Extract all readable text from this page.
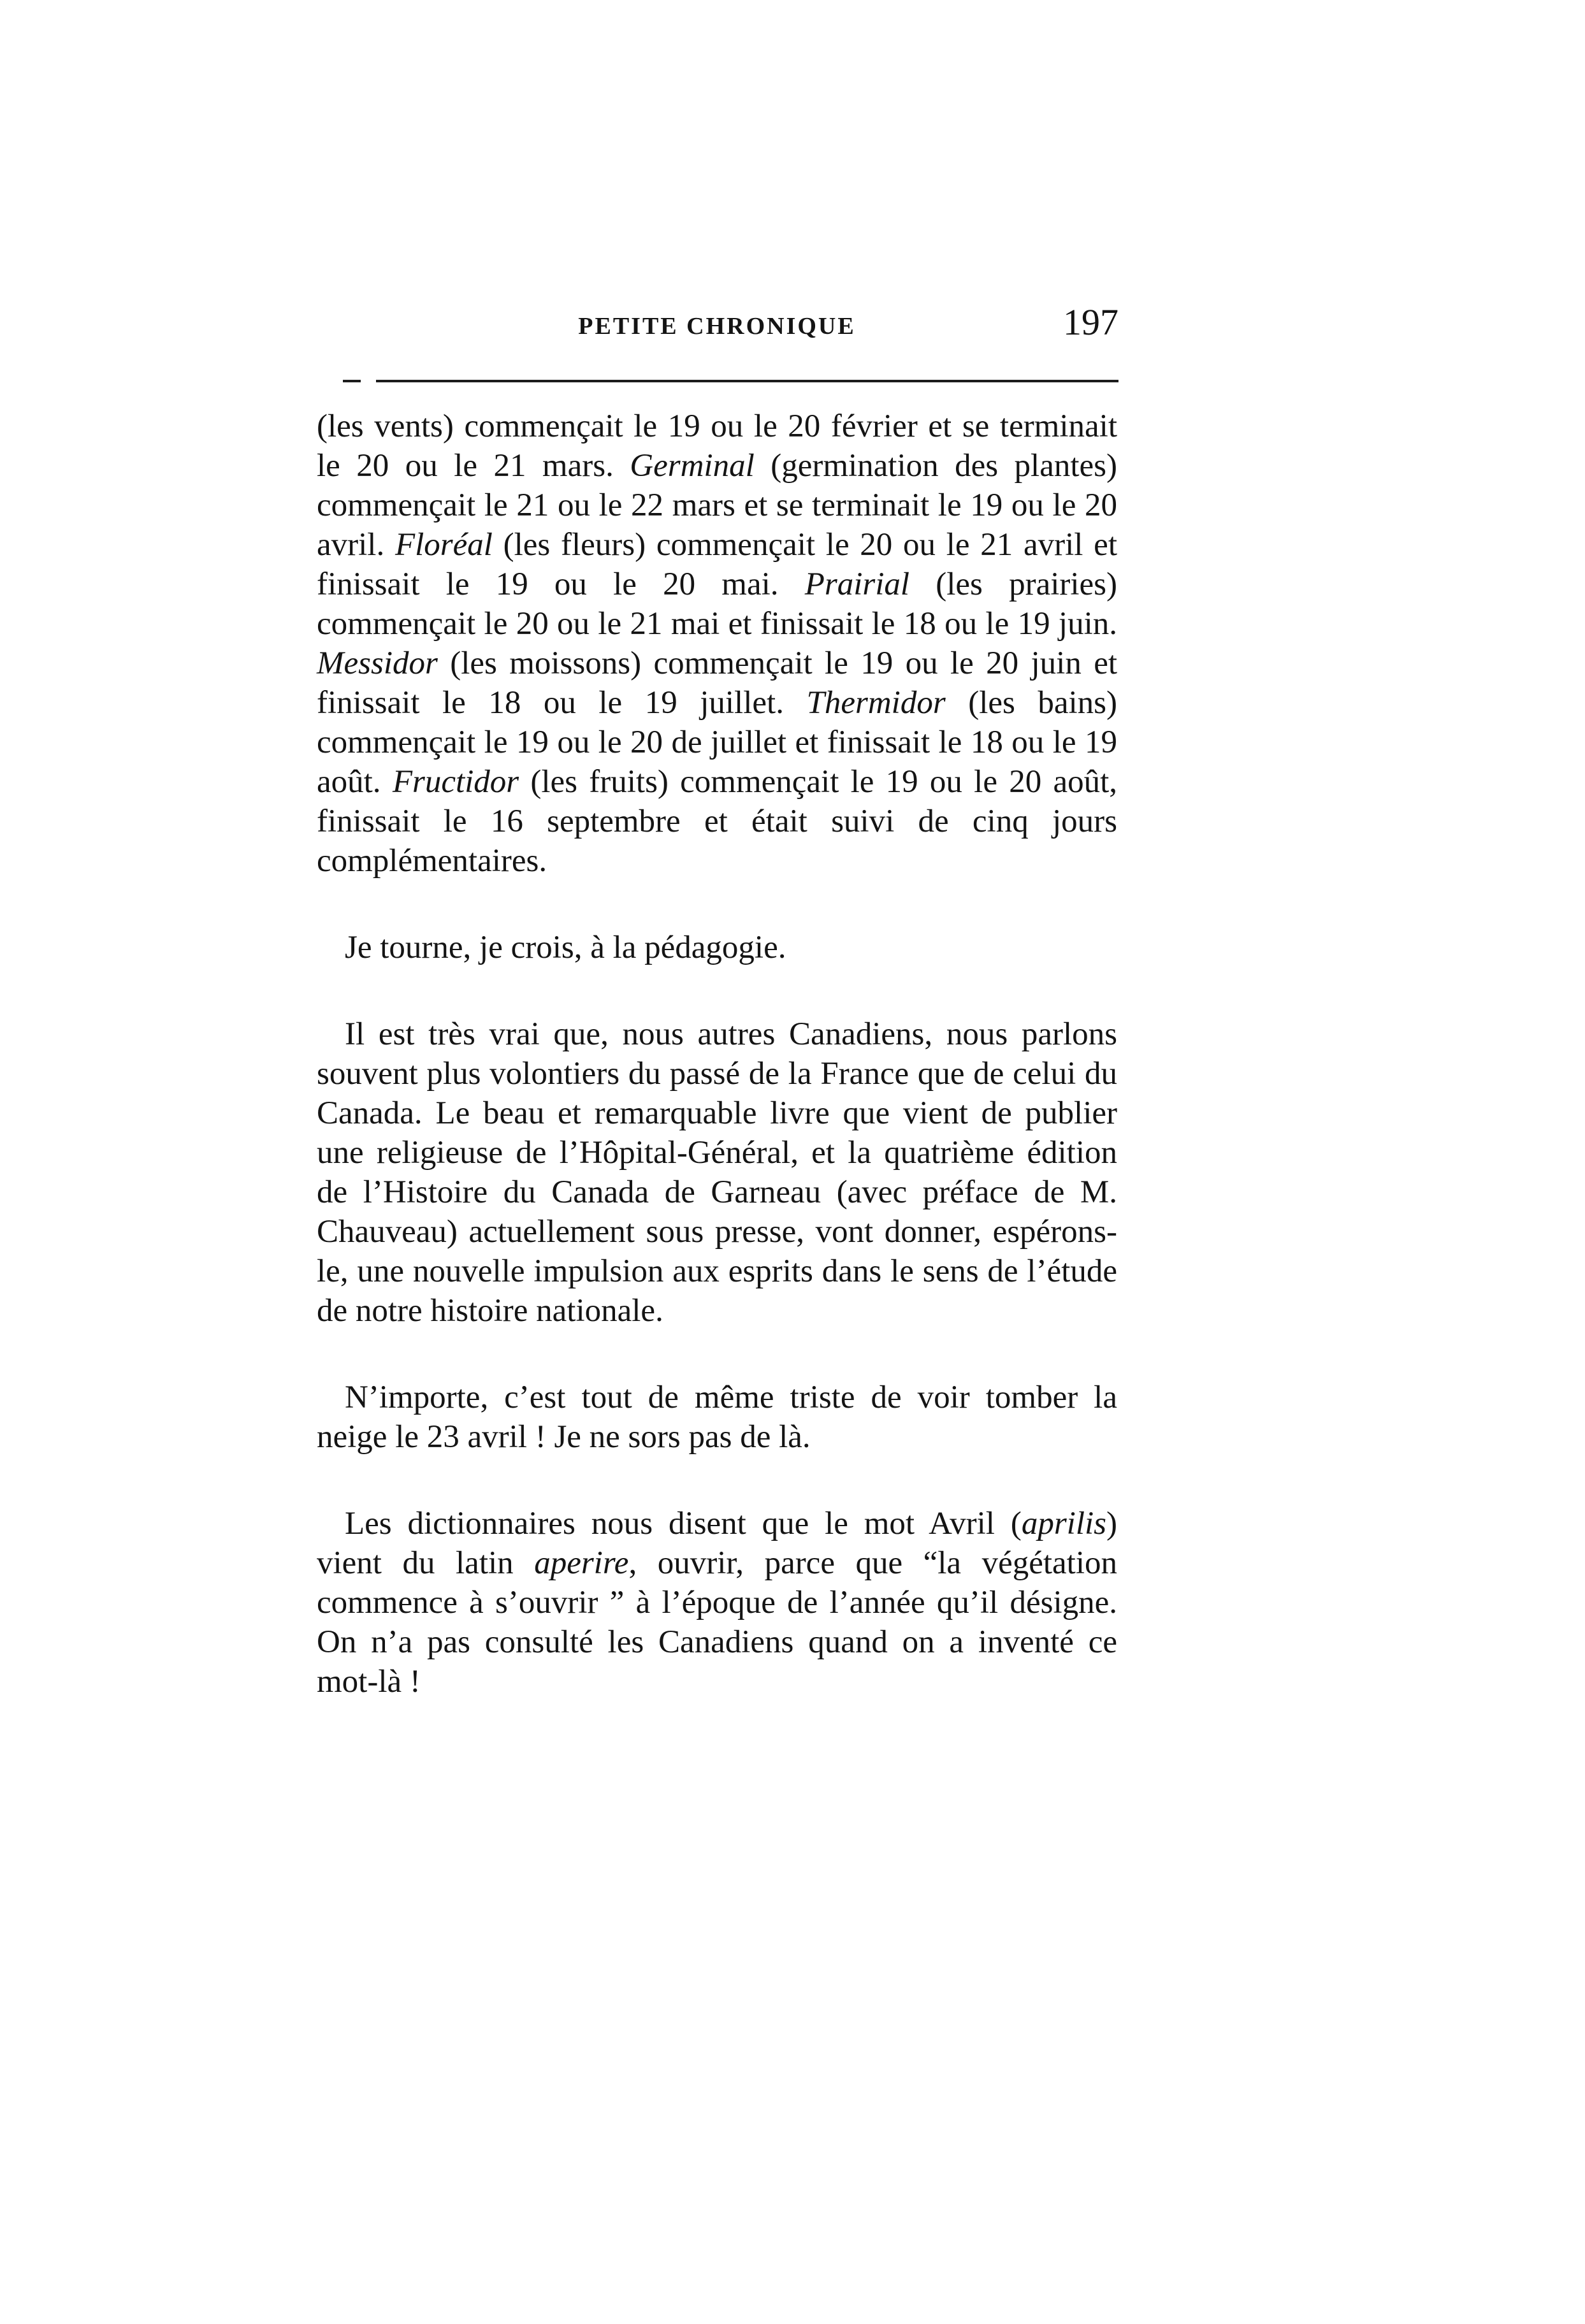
PETITE CHRONIQUE	197

(les vents) commençait le 19 ou le 20 février et se terminait le 20 ou le 21 mars. Germinal (germination des plantes) commençait le 21 ou le 22 mars et se terminait le 19 ou le 20 avril. Floréal (les fleurs) commençait le 20 ou le 21 avril et finissait le 19 ou le 20 mai. Prairial (les prairies) commençait le 20 ou le 21 mai et finissait le 18 ou le 19 juin. Messidor (les moissons) commençait le 19 ou le 20 juin et finissait le 18 ou le 19 juillet. Thermidor (les bains) commençait le 19 ou le 20 de juillet et finissait le 18 ou le 19 août. Fructidor (les fruits) commençait le 19 ou le 20 août, finissait le 16 septembre et était suivi de cinq jours complémentaires.

Je tourne, je crois, à la pédagogie.

Il est très vrai que, nous autres Canadiens, nous parlons souvent plus volontiers du passé de la France que de celui du Canada. Le beau et remarquable livre que vient de publier une religieuse de l’Hôpital-Général, et la quatrième édition de l’Histoire du Canada de Garneau (avec préface de M. Chauveau) actuellement sous presse, vont donner, espérons-le, une nouvelle impulsion aux esprits dans le sens de l’étude de notre histoire nationale.

N’importe, c’est tout de même triste de voir tomber la neige le 23 avril ! Je ne sors pas de là.

Les dictionnaires nous disent que le mot Avril (aprilis) vient du latin aperire, ouvrir, parce que “la végétation commence à s’ouvrir ” à l’époque de l’année qu’il désigne. On n’a pas consulté les Canadiens quand on a inventé ce mot-là !
